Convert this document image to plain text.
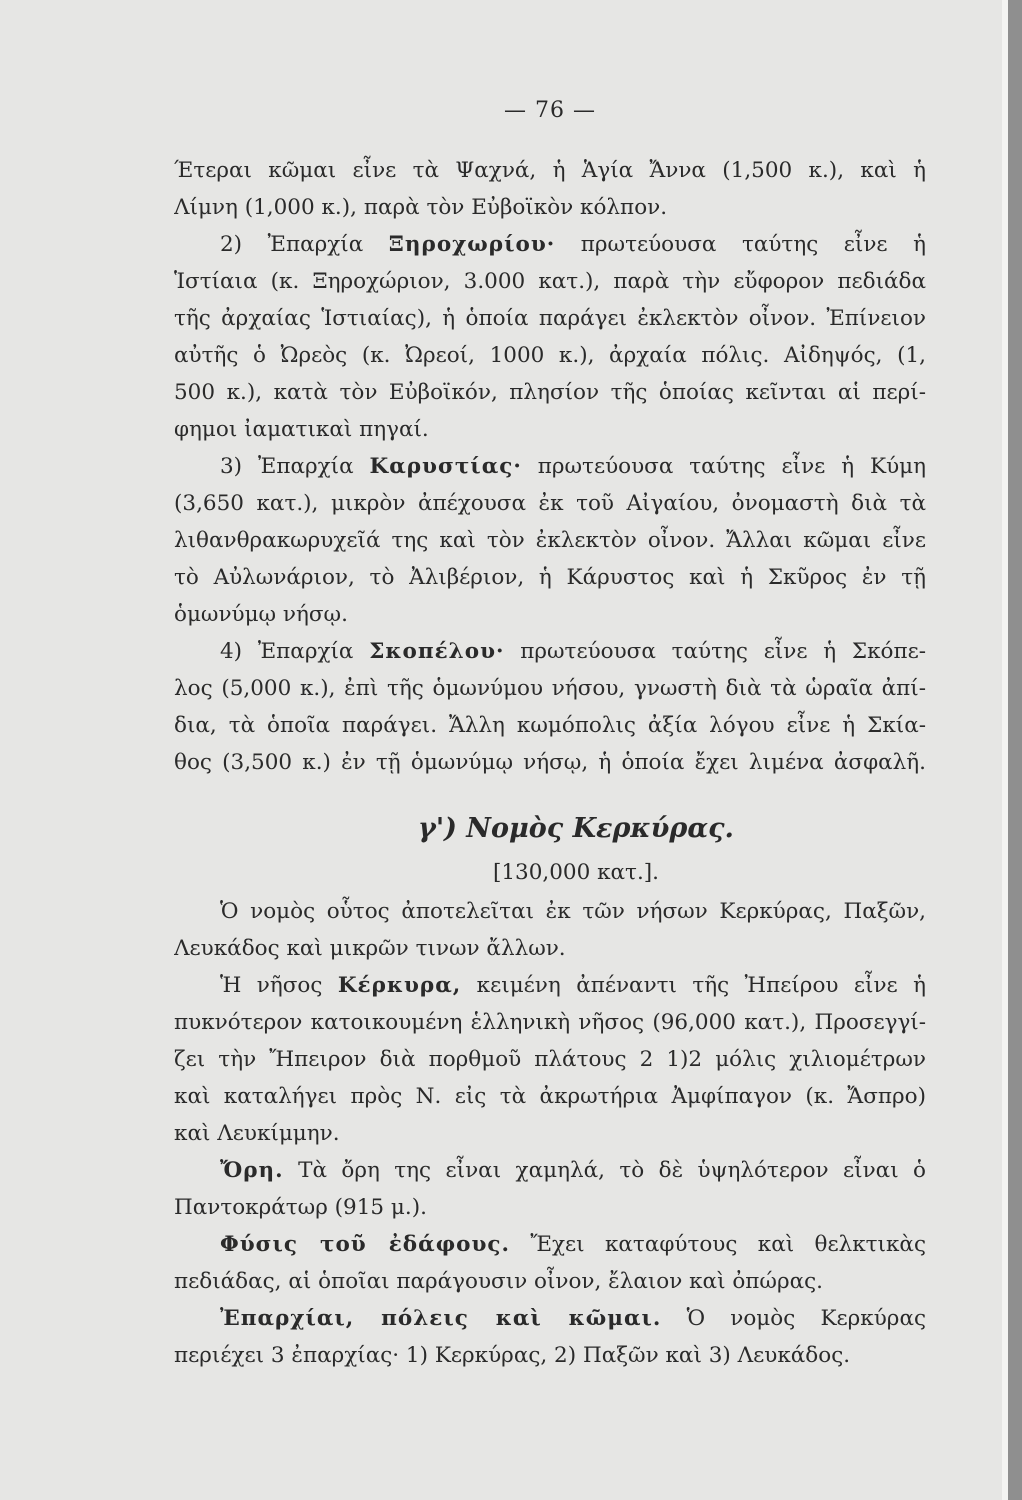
— 76 —
Έτεραι κῶμαι εἶνε τὰ Ψαχνά, ἡ Ἁγία Ἄννα (1,500 κ.), καὶ ἡ
Λίμνη (1,000 κ.), παρὰ τὸν Εὐβοϊκὸν κόλπον.
2) Ἐπαρχία Ξηροχωρίου· πρωτεύουσα ταύτης εἶνε ἡ
Ἱστίαια (κ. Ξηροχώριον, 3.000 κατ.), παρὰ τὴν εὔφορον πεδιάδα
τῆς ἀρχαίας Ἱστιαίας), ἡ ὁποία παράγει ἐκλεκτὸν οἶνον. Ἐπίνειον
αὐτῆς ὁ Ὠρεὸς (κ. Ὠρεοί, 1000 κ.), ἀρχαία πόλις. Αἰδηψός, (1,
500 κ.), κατὰ τὸν Εὐβοϊκόν, πλησίον τῆς ὁποίας κεῖνται αἱ περί-
φημοι ἰαματικαὶ πηγαί.
3) Ἐπαρχία Καρυστίας· πρωτεύουσα ταύτης εἶνε ἡ Κύμη
(3,650 κατ.), μικρὸν ἀπέχουσα ἐκ τοῦ Αἰγαίου, ὀνομαστὴ διὰ τὰ
λιθανθρακωρυχεῖά της καὶ τὸν ἐκλεκτὸν οἶνον. Ἄλλαι κῶμαι εἶνε
τὸ Αὐλωνάριον, τὸ Ἀλιβέριον, ἡ Κάρυστος καὶ ἡ Σκῦρος ἐν τῇ
ὁμωνύμῳ νήσῳ.
4) Ἐπαρχία Σκοπέλου· πρωτεύουσα ταύτης εἶνε ἡ Σκόπε-
λος (5,000 κ.), ἐπὶ τῆς ὁμωνύμου νήσου, γνωστὴ διὰ τὰ ὡραῖα ἀπί-
δια, τὰ ὁποῖα παράγει. Ἄλλη κωμόπολις ἀξία λόγου εἶνε ἡ Σκία-
θος (3,500 κ.) ἐν τῇ ὁμωνύμῳ νήσῳ, ἡ ὁποία ἔχει λιμένα ἀσφαλῆ.
γ') Νομὸς Κερκύρας.
[130,000 κατ.].
Ὁ νομὸς οὗτος ἀποτελεῖται ἐκ τῶν νήσων Κερκύρας, Παξῶν,
Λευκάδος καὶ μικρῶν τινων ἄλλων.
Ἡ νῆσος Κέρκυρα, κειμένη ἀπέναντι τῆς Ἠπείρου εἶνε ἡ
πυκνότερον κατοικουμένη ἑλληνικὴ νῆσος (96,000 κατ.), Προσεγγί-
ζει τὴν Ἤπειρον διὰ πορθμοῦ πλάτους 2 1)2 μόλις χιλιομέτρων
καὶ καταλήγει πρὸς Ν. εἰς τὰ ἀκρωτήρια Ἀμφίπαγον (κ. Ἄσπρο)
καὶ Λευκίμμην.
Ὄρη. Τὰ ὄρη της εἶναι χαμηλά, τὸ δὲ ὑψηλότερον εἶναι ὁ
Παντοκράτωρ (915 μ.).
Φύσις τοῦ ἐδάφους. Ἔχει καταφύτους καὶ θελκτικὰς
πεδιάδας, αἱ ὁποῖαι παράγουσιν οἶνον, ἔλαιον καὶ ὀπώρας.
Ἐπαρχίαι, πόλεις καὶ κῶμαι. Ὁ νομὸς Κερκύρας
περιέχει 3 ἐπαρχίας· 1) Κερκύρας, 2) Παξῶν καὶ 3) Λευκάδος.
